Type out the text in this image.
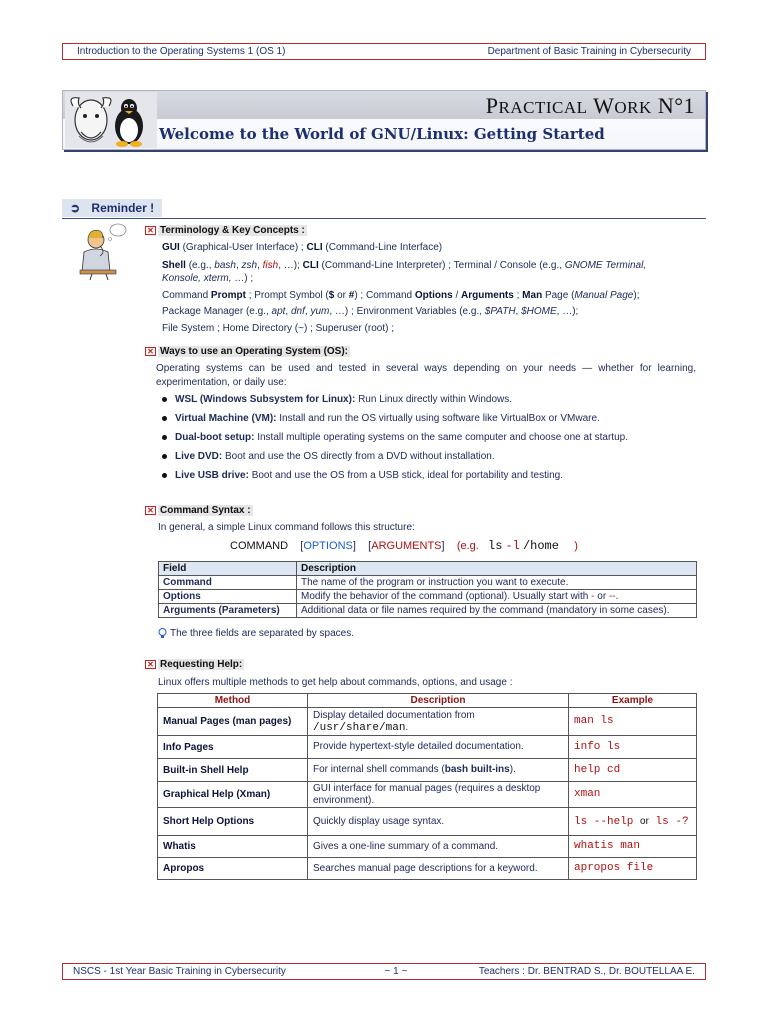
Introduction to the Operating Systems 1 (OS 1)	Department of Basic Training in Cybersecurity
PRACTICAL WORK N°1
Welcome to the World of GNU/Linux: Getting Started
➲ Reminder !
✕ Terminology & Key Concepts :
GUI (Graphical-User Interface) ; CLI (Command-Line Interface)
Shell (e.g., bash, zsh, fish, …); CLI (Command-Line Interpreter) ; Terminal / Console (e.g., GNOME Terminal,
Konsole, xterm, …) ;
Command Prompt ; Prompt Symbol ($ or #) ; Command Options / Arguments ; Man Page (Manual Page);
Package Manager (e.g., apt, dnf, yum, …) ; Environment Variables (e.g., $PATH, $HOME, …);
File System ; Home Directory (~) ; Superuser (root) ;
✕ Ways to use an Operating System (OS):
Operating systems can be used and tested in several ways depending on your needs — whether for learning, experimentation, or daily use:
WSL (Windows Subsystem for Linux): Run Linux directly within Windows.
Virtual Machine (VM): Install and run the OS virtually using software like VirtualBox or VMware.
Dual-boot setup: Install multiple operating systems on the same computer and choose one at startup.
Live DVD: Boot and use the OS directly from a DVD without installation.
Live USB drive: Boot and use the OS from a USB stick, ideal for portability and testing.
✕ Command Syntax :
In general, a simple Linux command follows this structure:
COMMAND [OPTIONS] [ARGUMENTS] (e.g. ls -l /home )
Field	Description
Command	The name of the program or instruction you want to execute.
Options	Modify the behavior of the command (optional). Usually start with - or --.
Arguments (Parameters)	Additional data or file names required by the command (mandatory in some cases).
The three fields are separated by spaces.
✕ Requesting Help:
Linux offers multiple methods to get help about commands, options, and usage :
Method	Description	Example
Manual Pages (man pages)	Display detailed documentation from
/usr/share/man.	man ls
Info Pages	Provide hypertext-style detailed documentation.	info ls
Built-in Shell Help	For internal shell commands (bash built-ins).	help cd
Graphical Help (Xman)	GUI interface for manual pages (requires a desktop environment).	xman
Short Help Options	Quickly display usage syntax.	ls --help or ls -?
Whatis	Gives a one-line summary of a command.	whatis man
Apropos	Searches manual page descriptions for a keyword.	apropos file
NSCS - 1st Year Basic Training in Cybersecurity	~ 1 ~	Teachers : Dr. BENTRAD S., Dr. BOUTELLAA E.
